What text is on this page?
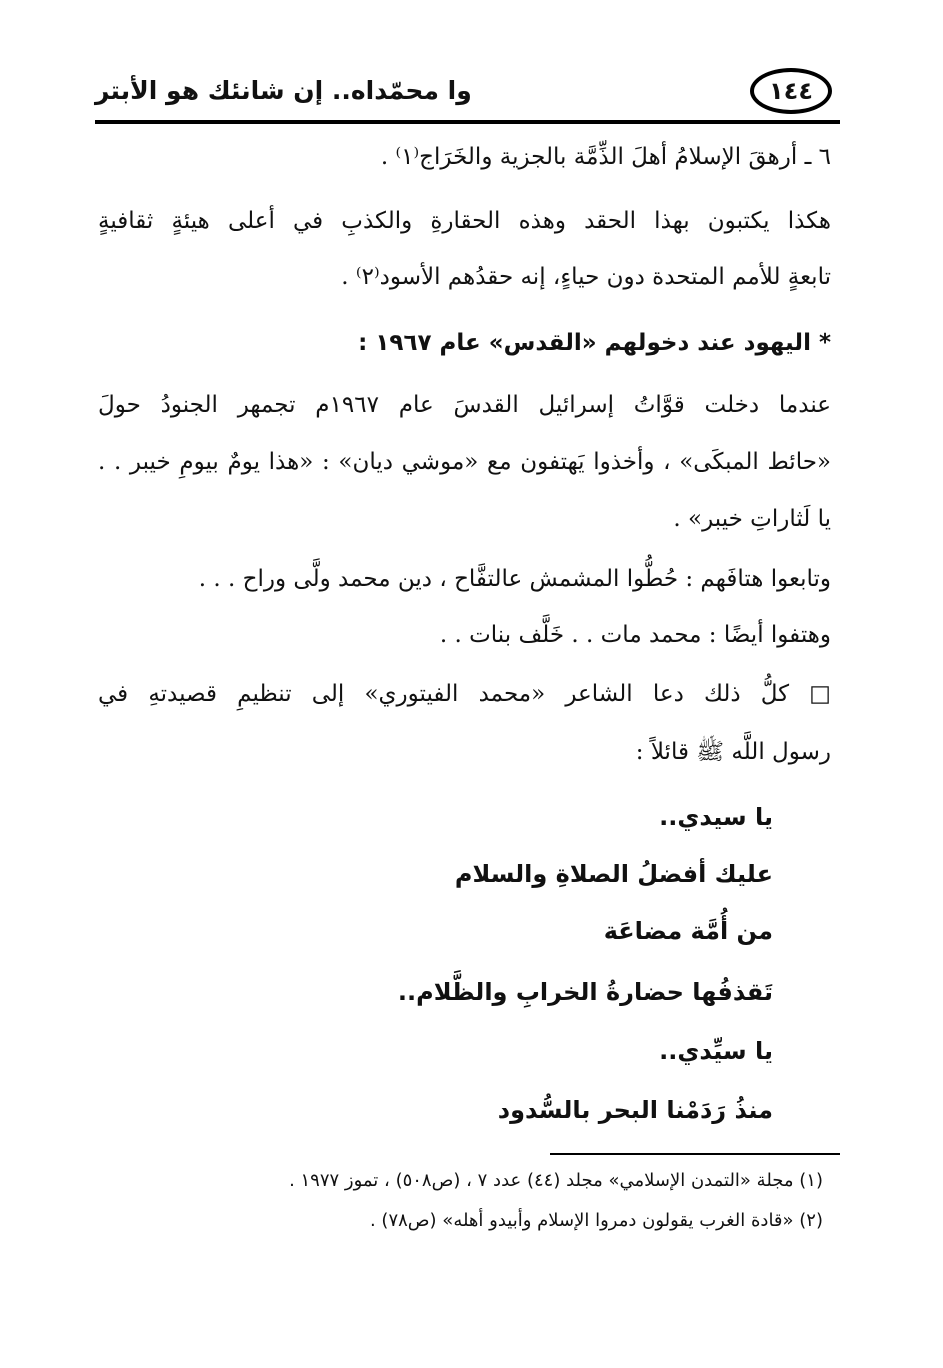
وا محمّداه.. إن شانئك هو الأبتر	١٤٤
٦ ـ أرهقَ الإسلامُ أهلَ الذِّمَّة بالجزية والخَرَاج⁽١⁾ .
هكذا يكتبون بهذا الحقد وهذه الحقارةِ والكذبِ في أعلى هيئةٍ ثقافيةٍ
تابعةٍ للأمم المتحدة دون حياءٍ، إنه حقدُهم الأسود⁽٢⁾ .
* اليهود عند دخولهم «القدس» عام ١٩٦٧ :
عندما دخلت قوَّاتُ إسرائيل القدسَ عام ١٩٦٧م تجمهر الجنودُ حولَ
«حائط المبكَى» ، وأخذوا يَهتفون مع «موشي ديان» : «هذا يومٌ بيومِ خيبر . .
يا لَثاراتِ خيبر» .
وتابعوا هتافَهم : حُطُّوا المشمش عالتفَّاح ، دين محمد ولَّى وراح . . .
وهتفوا أيضًا : محمد مات . . خَلَّف بنات . .
□ كلُّ ذلك دعا الشاعر «محمد الفيتوري» إلى تنظيمِ قصيدتهِ في
رسول اللَّه ﷺ قائلاً :
يا سيدي..
عليك أفضلُ الصلاةِ والسلام
من أُمَّة مضاعَة
تَقذفُها حضارةُ الخرابِ والظَّلام..
يا سيِّدي..
منذُ رَدَمْنا البحر بالسُّدود
(١) مجلة «التمدن الإسلامي» مجلد (٤٤) عدد ٧ ، (ص٥٠٨) ، تموز ١٩٧٧ .
(٢) «قادة الغرب يقولون دمروا الإسلام وأبيدو أهله» (ص٧٨) .
